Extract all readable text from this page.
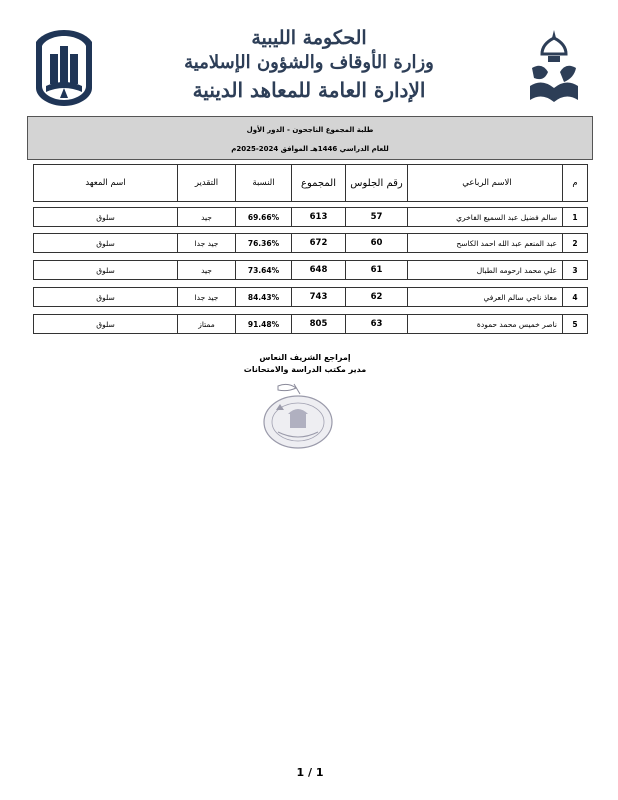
الحكومة الليبية
وزارة الأوقاف والشؤون الإسلامية
الإدارة العامة للمعاهد الدينية
طلبة المجموع الناجحون - الدور الأول
للعام الدراسي 1446هـ الموافق 2024-2025م
م
الاسم الرباعي
رقم الجلوس
المجموع
النسبة
التقدير
اسم المعهد
1
سالم فضيل عبد السميع الفاخري
57
613
69.66%
جيد
سلوق
2
عبد المنعم عبد الله احمد الكاسح
60
672
76.36%
جيد جدا
سلوق
3
علي محمد ارحومه الطبال
61
648
73.64%
جيد
سلوق
4
معاذ ناجي سالم العرفي
62
743
84.43%
جيد جدا
سلوق
5
ناصر خميس محمد حمودة
63
805
91.48%
ممتاز
سلوق
إمراجع الشريف النعاس
مدير مكتب الدراسة والامتحانات
1 / 1
